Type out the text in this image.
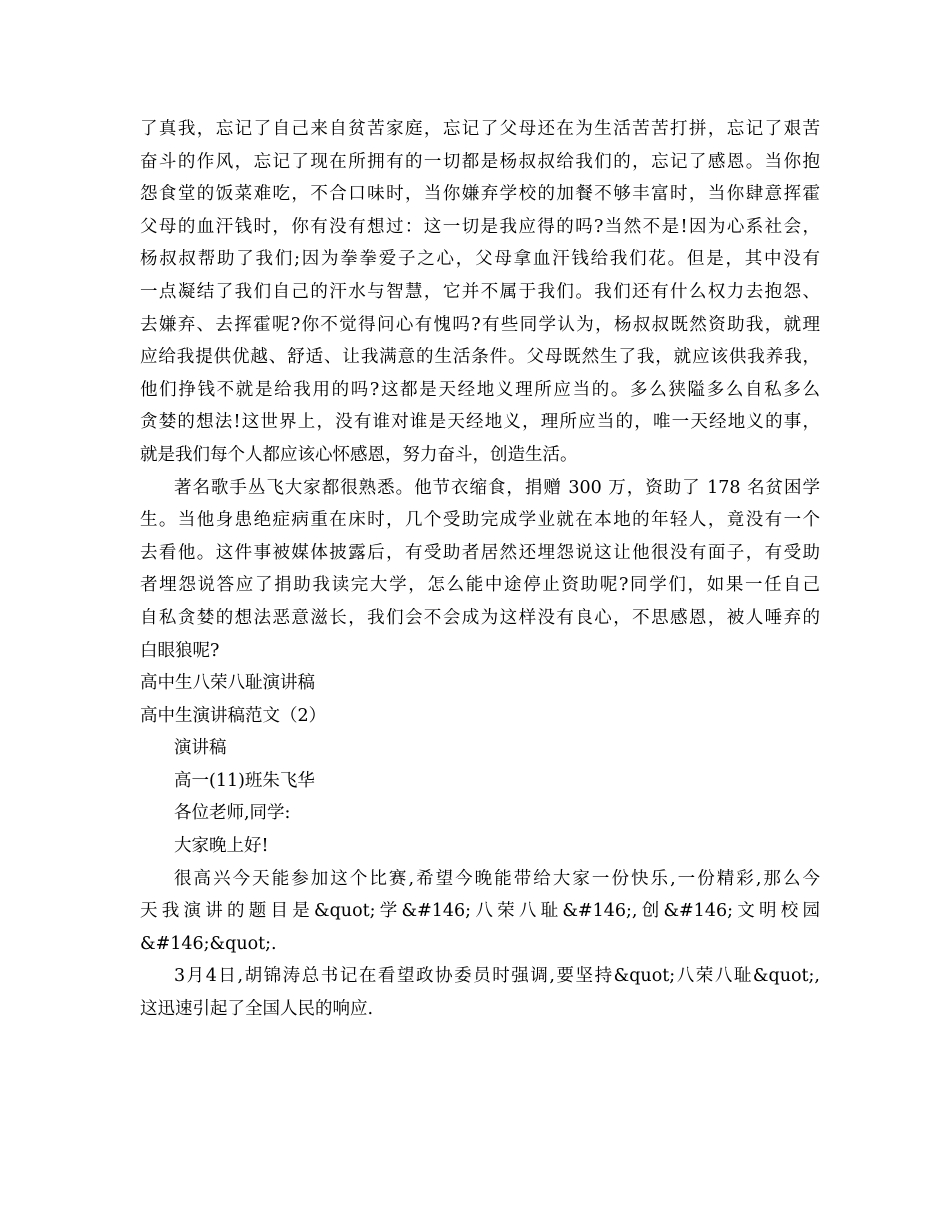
了真我，忘记了自己来自贫苦家庭，忘记了父母还在为生活苦苦打拼，忘记了艰苦

奋斗的作风，忘记了现在所拥有的一切都是杨叔叔给我们的，忘记了感恩。当你抱

怨食堂的饭菜难吃，不合口味时，当你嫌弃学校的加餐不够丰富时，当你肆意挥霍

父母的血汗钱时，你有没有想过：这一切是我应得的吗?当然不是!因为心系社会，

杨叔叔帮助了我们;因为拳拳爱子之心，父母拿血汗钱给我们花。但是，其中没有

一点凝结了我们自己的汗水与智慧，它并不属于我们。我们还有什么权力去抱怨、

去嫌弃、去挥霍呢?你不觉得问心有愧吗?有些同学认为，杨叔叔既然资助我，就理

应给我提供优越、舒适、让我满意的生活条件。父母既然生了我，就应该供我养我，

他们挣钱不就是给我用的吗?这都是天经地义理所应当的。多么狭隘多么自私多么

贪婪的想法!这世界上，没有谁对谁是天经地义，理所应当的，唯一天经地义的事，

就是我们每个人都应该心怀感恩，努力奋斗，创造生活。

著名歌手丛飞大家都很熟悉。他节衣缩食，捐赠 300 万，资助了 178 名贫困学

生。当他身患绝症病重在床时，几个受助完成学业就在本地的年轻人，竟没有一个

去看他。这件事被媒体披露后，有受助者居然还埋怨说这让他很没有面子，有受助

者埋怨说答应了捐助我读完大学，怎么能中途停止资助呢?同学们，如果一任自己

自私贪婪的想法恶意滋长，我们会不会成为这样没有良心，不思感恩，被人唾弃的

白眼狼呢?

高中生八荣八耻演讲稿

高中生演讲稿范文（2）

演讲稿

高一(11)班朱飞华

各位老师,同学:

大家晚上好!

很高兴今天能参加这个比赛,希望今晚能带给大家一份快乐,一份精彩,那么今

天我演讲的题目是&quot;学&#146;八荣八耻&#146;,创&#146;文明校园

&#146;&quot;.

3月4日,胡锦涛总书记在看望政协委员时强调,要坚持&quot;八荣八耻&quot;,

这迅速引起了全国人民的响应.
